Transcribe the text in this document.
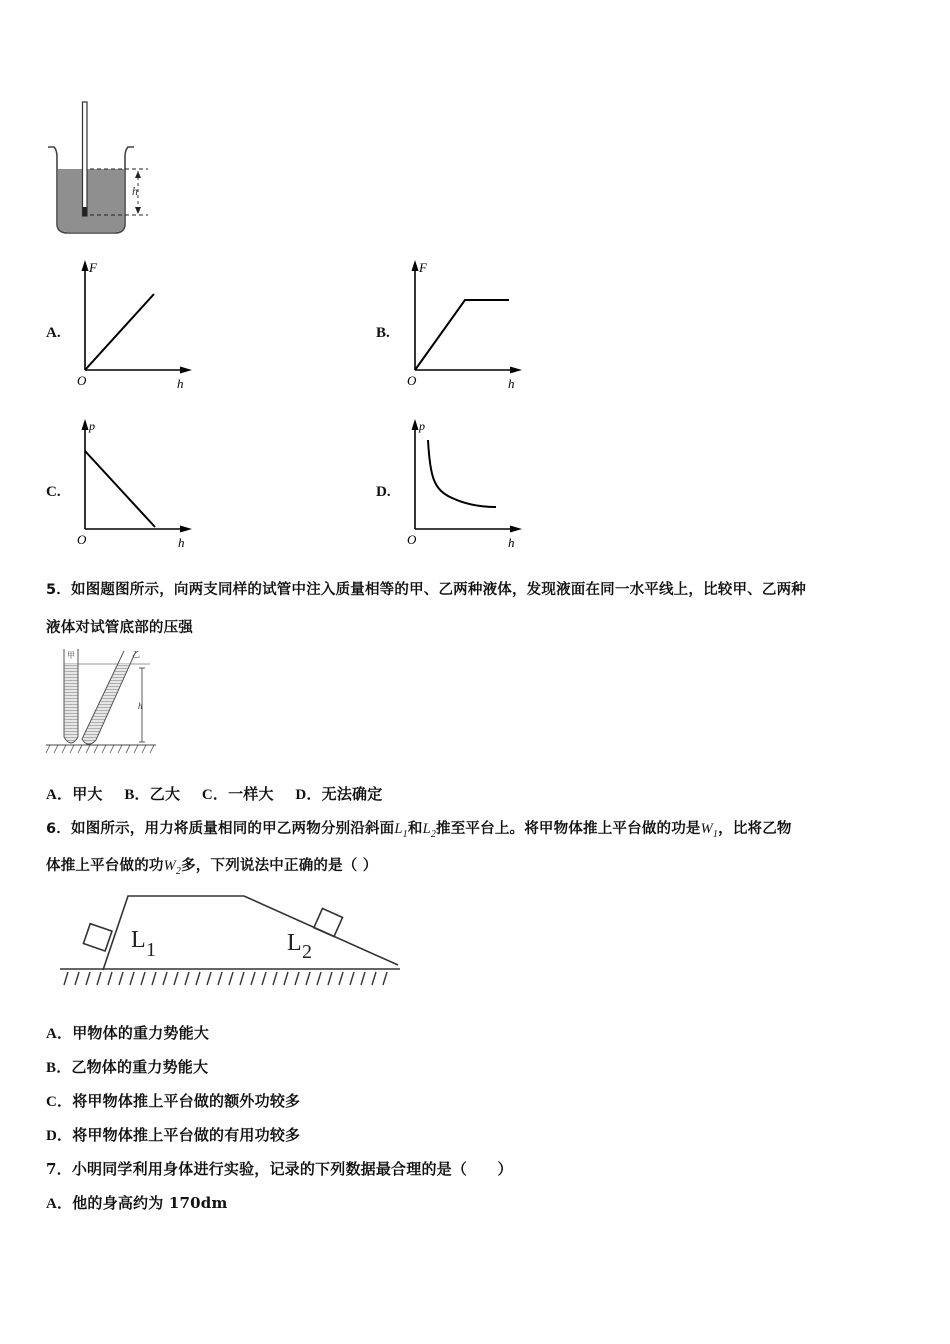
h
A.
F
O	h
B.
F
O	h
C.
p
O	h
D.
p
O	h
5．如图题图所示，向两支同样的试管中注入质量相等的甲、乙两种液体，发现液面在同一水平线上，比较甲、乙两种
液体对试管底部的压强
甲	乙
h
A．甲大 B．乙大 C．一样大 D．无法确定
6．如图所示，用力将质量相同的甲乙两物分别沿斜面$L_1$和$L_2$推至平台上。将甲物体推上平台做的功是$W_1$，比将乙物
体推上平台做的功$W_2$多，下列说法中正确的是（ ）
L 1	L 2
A．甲物体的重力势能大
B．乙物体的重力势能大
C．将甲物体推上平台做的额外功较多
D．将甲物体推上平台做的有用功较多
7．小明同学利用身体进行实验，记录的下列数据最合理的是（　　）
A．他的身高约为 170dm
